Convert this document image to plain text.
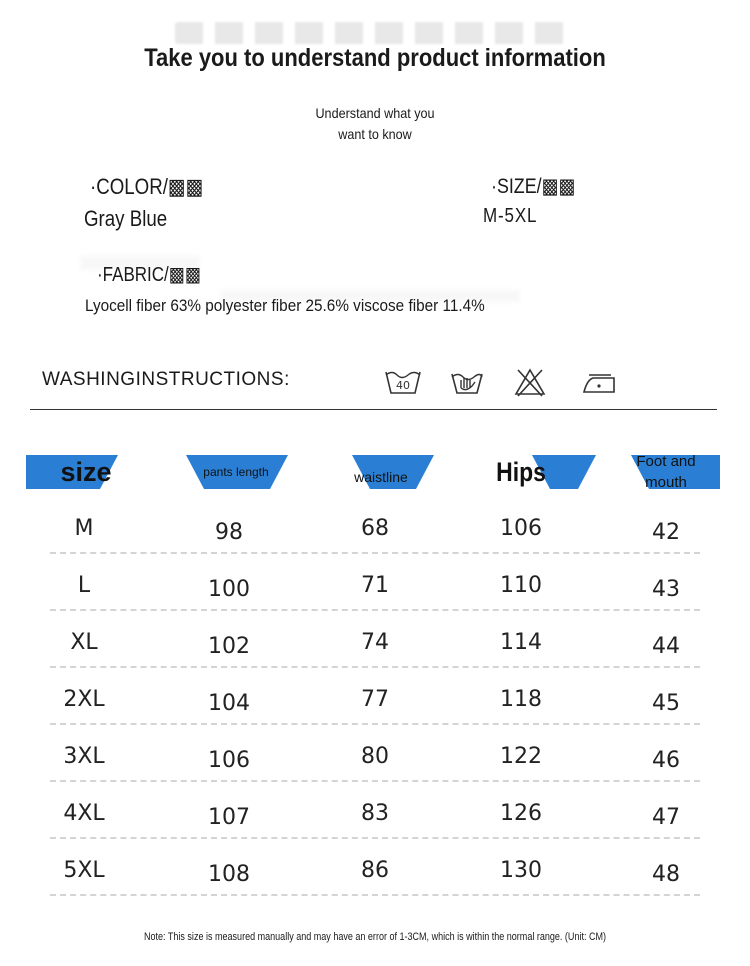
Take you to understand product information
Understand what you
want to know
·COLOR/▩▩
Gray Blue
·SIZE/▩▩
M-5XL
·FABRIC/▩▩
Lyocell fiber 63% polyester fiber 25.6% viscose fiber 11.4%
WASHINGINSTRUCTIONS:	40
size	pants length	waistline	Hips	Foot and mouth
M	98	68	106	42
L	100	71	110	43
XL	102	74	114	44
2XL	104	77	118	45
3XL	106	80	122	46
4XL	107	83	126	47
5XL	108	86	130	48
Note: This size is measured manually and may have an error of 1-3CM, which is within the normal range. (Unit: CM)
